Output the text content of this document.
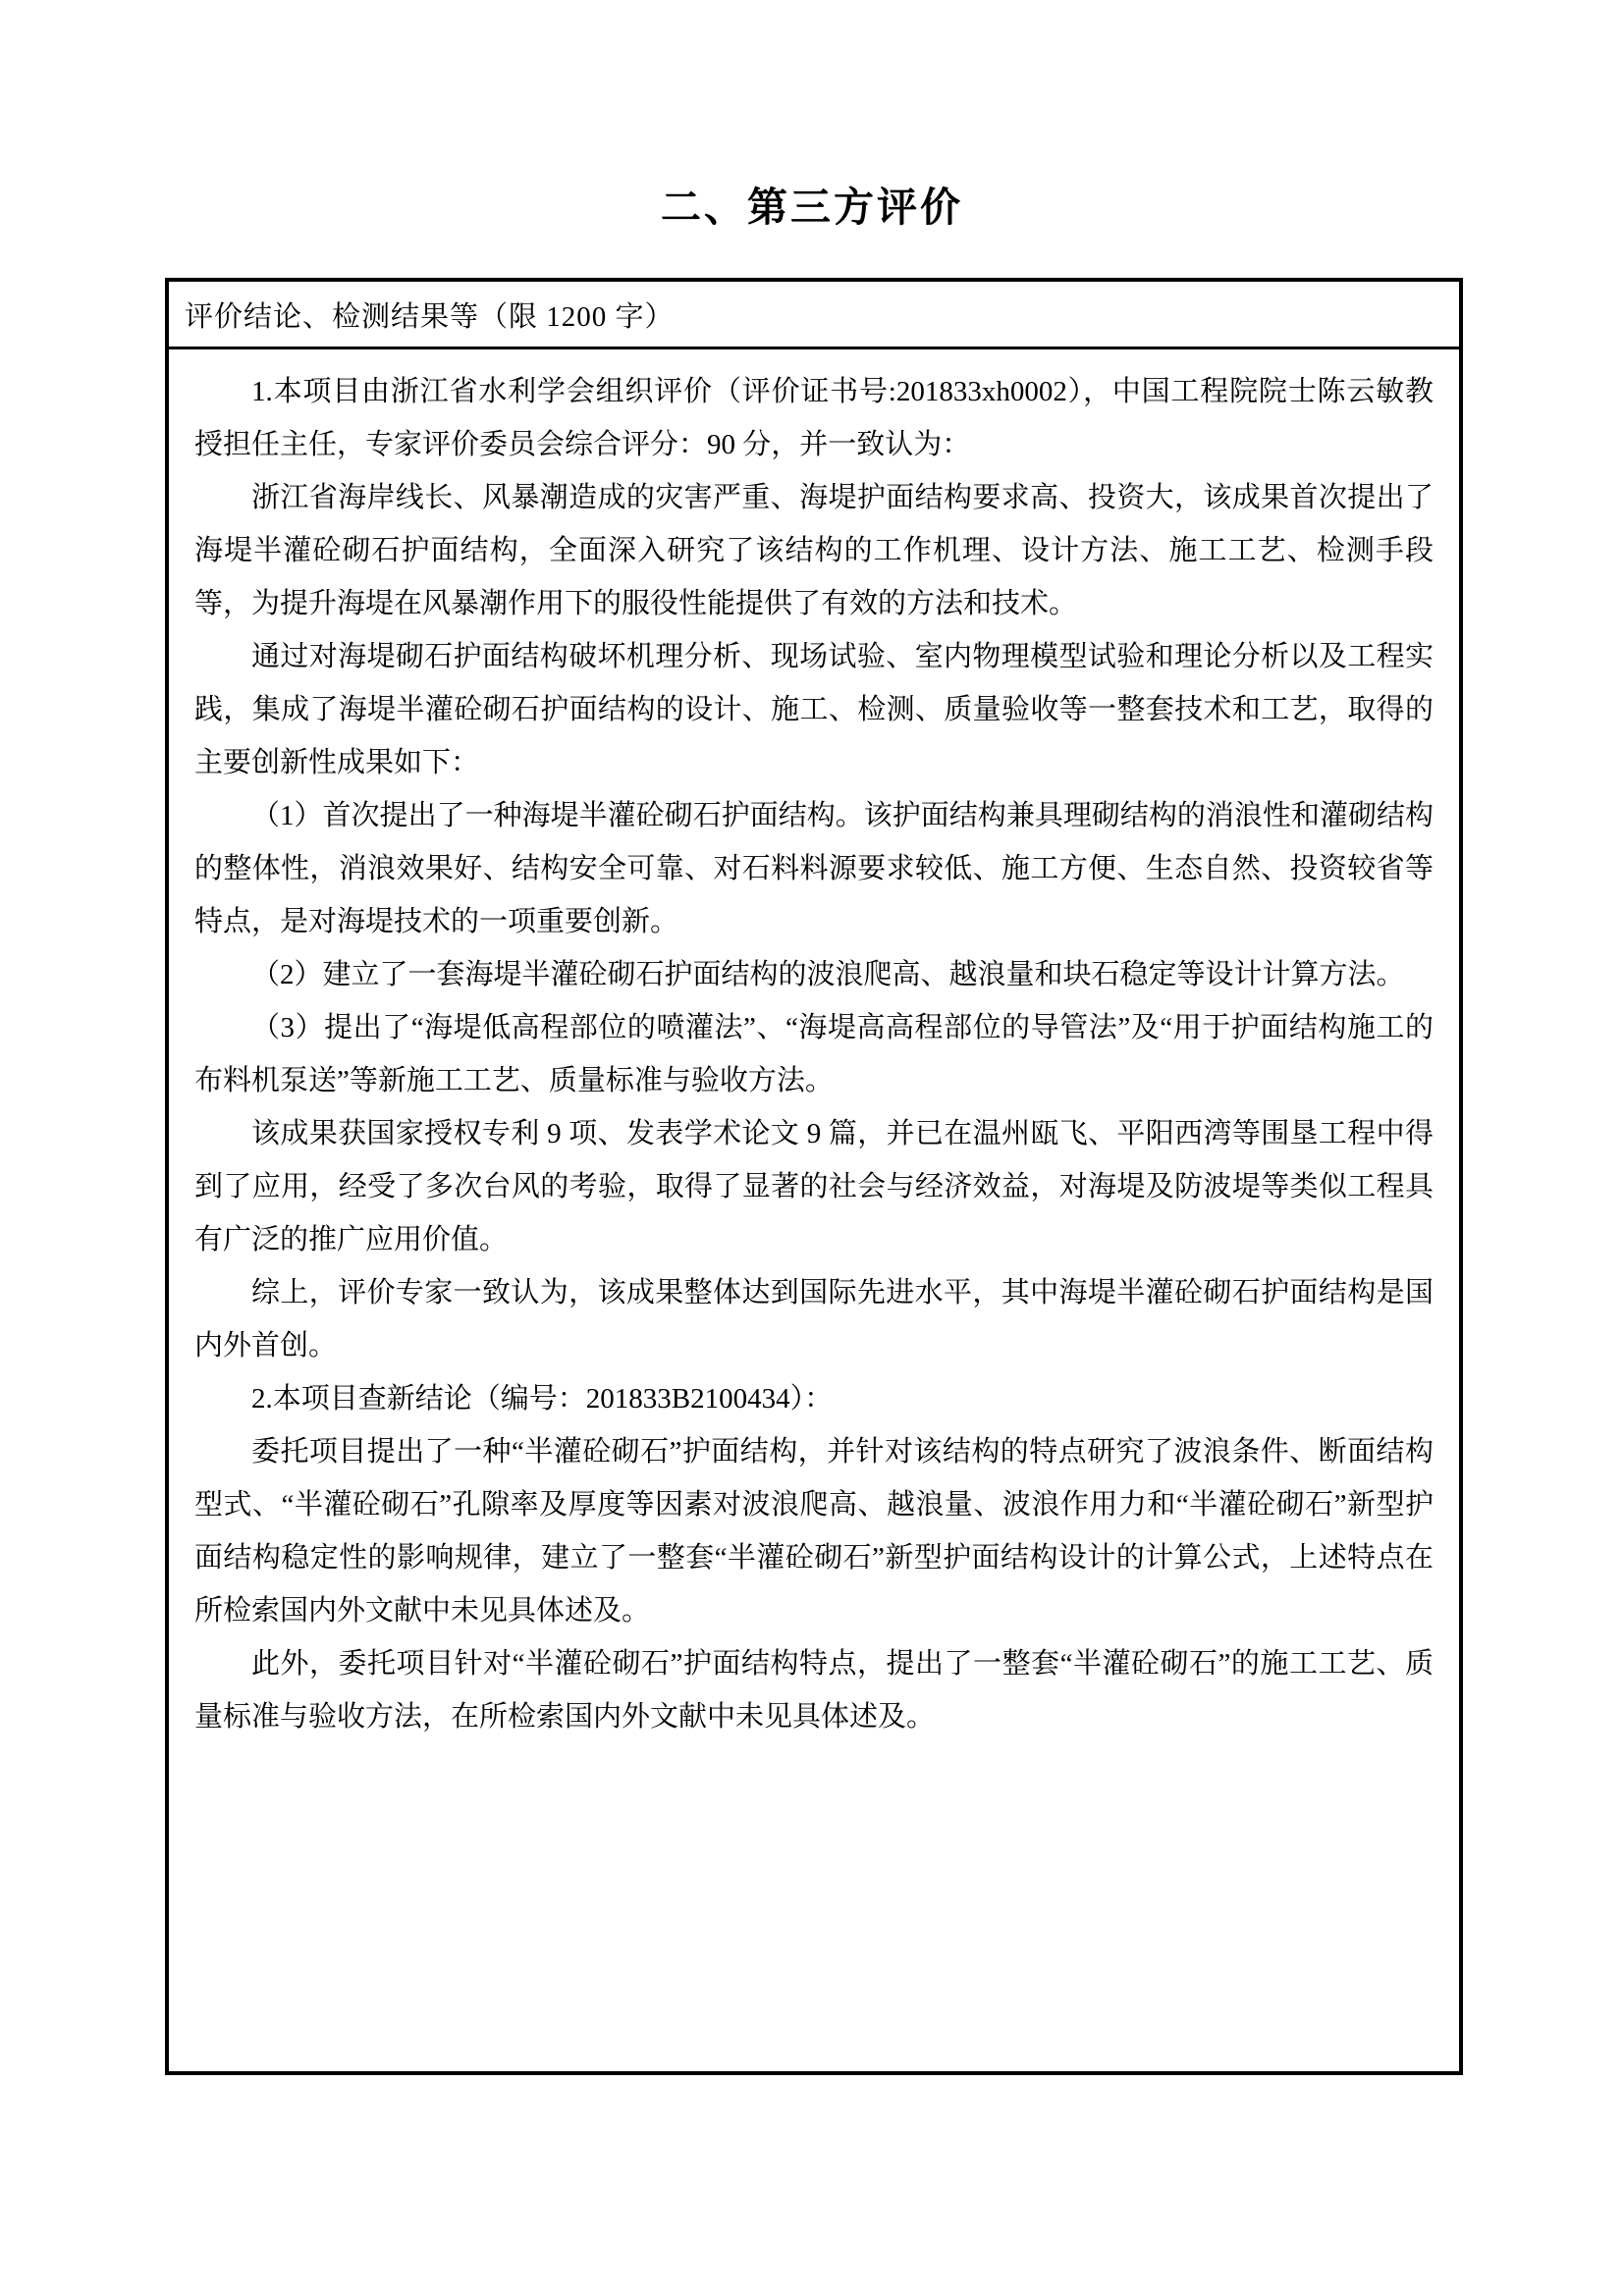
二、第三方评价
评价结论、检测结果等（限 1200 字）

1.本项目由浙江省水利学会组织评价（评价证书号:201833xh0002），中国工程院院士陈云敏教授担任主任，专家评价委员会综合评分：90 分，并一致认为：

浙江省海岸线长、风暴潮造成的灾害严重、海堤护面结构要求高、投资大，该成果首次提出了海堤半灌砼砌石护面结构，全面深入研究了该结构的工作机理、设计方法、施工工艺、检测手段等，为提升海堤在风暴潮作用下的服役性能提供了有效的方法和技术。

通过对海堤砌石护面结构破坏机理分析、现场试验、室内物理模型试验和理论分析以及工程实践，集成了海堤半灌砼砌石护面结构的设计、施工、检测、质量验收等一整套技术和工艺，取得的主要创新性成果如下：

（1）首次提出了一种海堤半灌砼砌石护面结构。该护面结构兼具理砌结构的消浪性和灌砌结构的整体性，消浪效果好、结构安全可靠、对石料料源要求较低、施工方便、生态自然、投资较省等特点，是对海堤技术的一项重要创新。

（2）建立了一套海堤半灌砼砌石护面结构的波浪爬高、越浪量和块石稳定等设计计算方法。

（3）提出了“海堤低高程部位的喷灌法”、“海堤高高程部位的导管法”及“用于护面结构施工的布料机泵送”等新施工工艺、质量标准与验收方法。

该成果获国家授权专利 9 项、发表学术论文 9 篇，并已在温州瓯飞、平阳西湾等围垦工程中得到了应用，经受了多次台风的考验，取得了显著的社会与经济效益，对海堤及防波堤等类似工程具有广泛的推广应用价值。

综上，评价专家一致认为，该成果整体达到国际先进水平，其中海堤半灌砼砌石护面结构是国内外首创。

2.本项目查新结论（编号：201833B2100434）：

委托项目提出了一种“半灌砼砌石”护面结构，并针对该结构的特点研究了波浪条件、断面结构型式、“半灌砼砌石”孔隙率及厚度等因素对波浪爬高、越浪量、波浪作用力和“半灌砼砌石”新型护面结构稳定性的影响规律，建立了一整套“半灌砼砌石”新型护面结构设计的计算公式，上述特点在所检索国内外文献中未见具体述及。

此外，委托项目针对“半灌砼砌石”护面结构特点，提出了一整套“半灌砼砌石”的施工工艺、质量标准与验收方法，在所检索国内外文献中未见具体述及。
